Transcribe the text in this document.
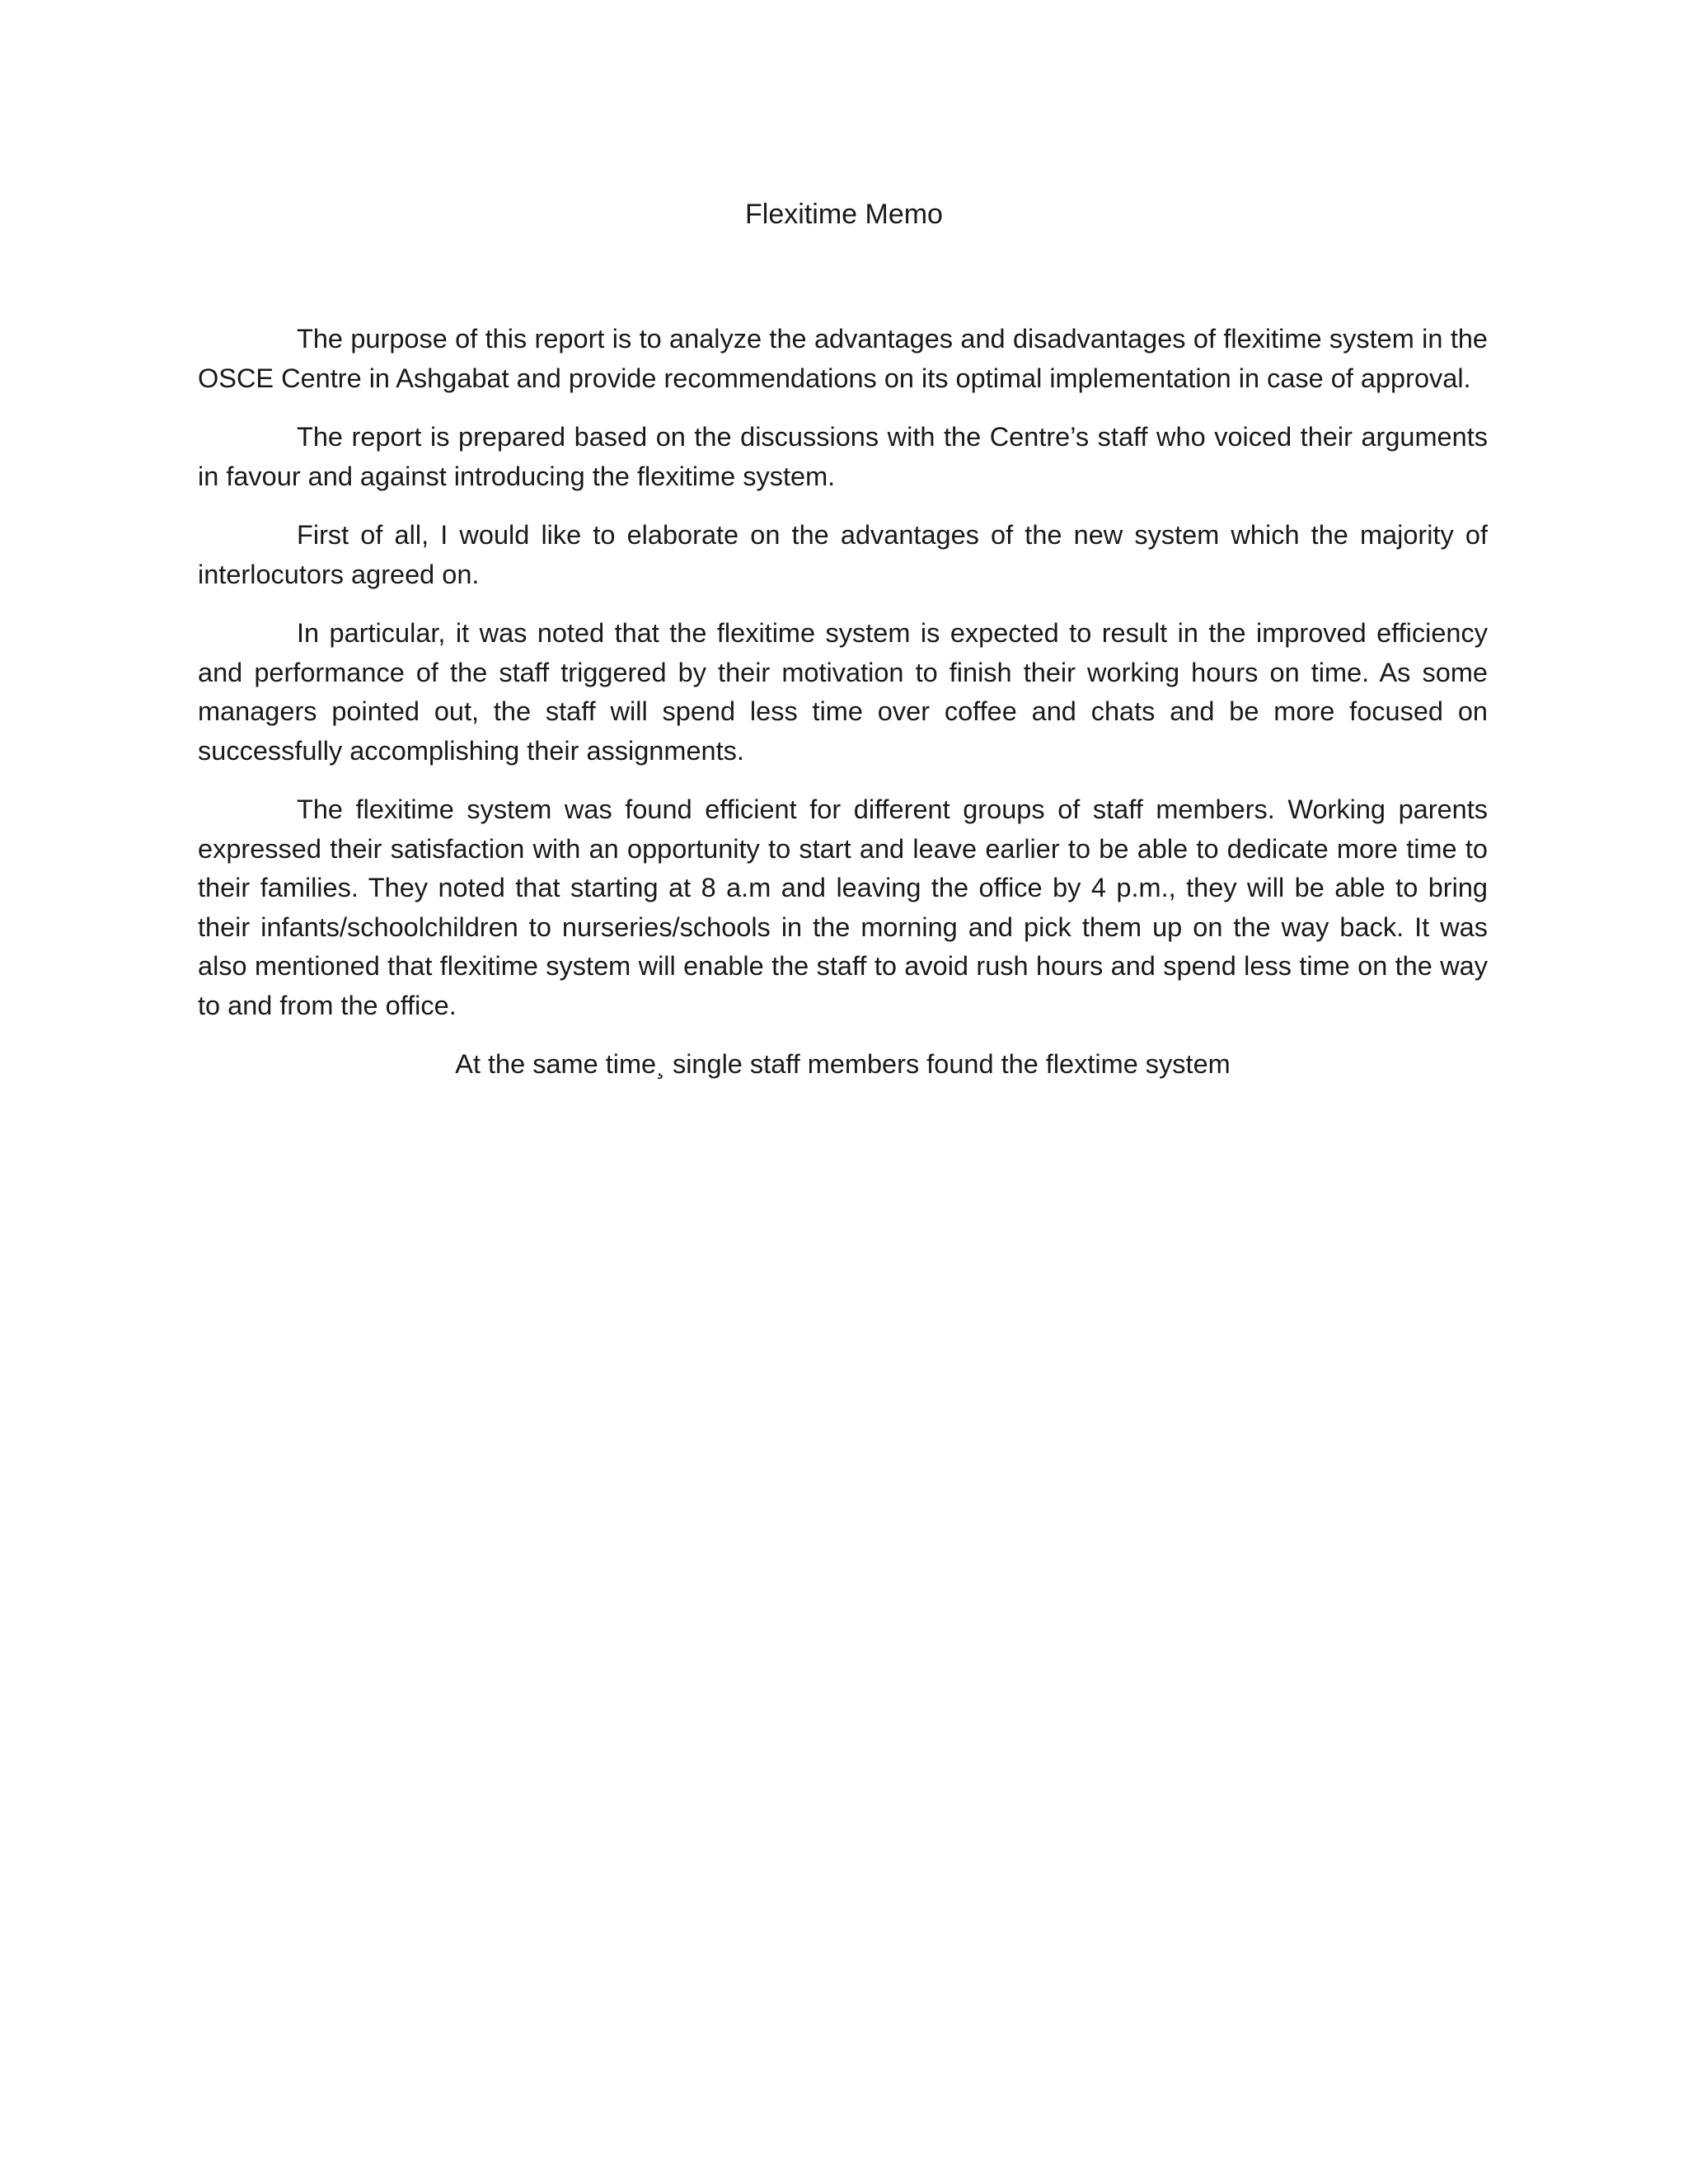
Flexitime Memo

The purpose of this report is to analyze the advantages and disadvantages of flexitime system in the OSCE Centre in Ashgabat and provide recommendations on its optimal implementation in case of approval.

The report is prepared based on the discussions with the Centre’s staff who voiced their arguments in favour and against introducing the flexitime system.

First of all, I would like to elaborate on the advantages of the new system which the majority of interlocutors agreed on.

In particular, it was noted that the flexitime system is expected to result in the improved efficiency and performance of the staff triggered by their motivation to finish their working hours on time. As some managers pointed out, the staff will spend less time over coffee and chats and be more focused on successfully accomplishing their assignments.

The flexitime system was found efficient for different groups of staff members. Working parents expressed their satisfaction with an opportunity to start and leave earlier to be able to dedicate more time to their families. They noted that starting at 8 a.m and leaving the office by 4 p.m., they will be able to bring their infants/schoolchildren to nurseries/schools in the morning and pick them up on the way back. It was also mentioned that flexitime system will enable the staff to avoid rush hours and spend less time on the way to and from the office.

At the same time¸ single staff members found the flextime system
